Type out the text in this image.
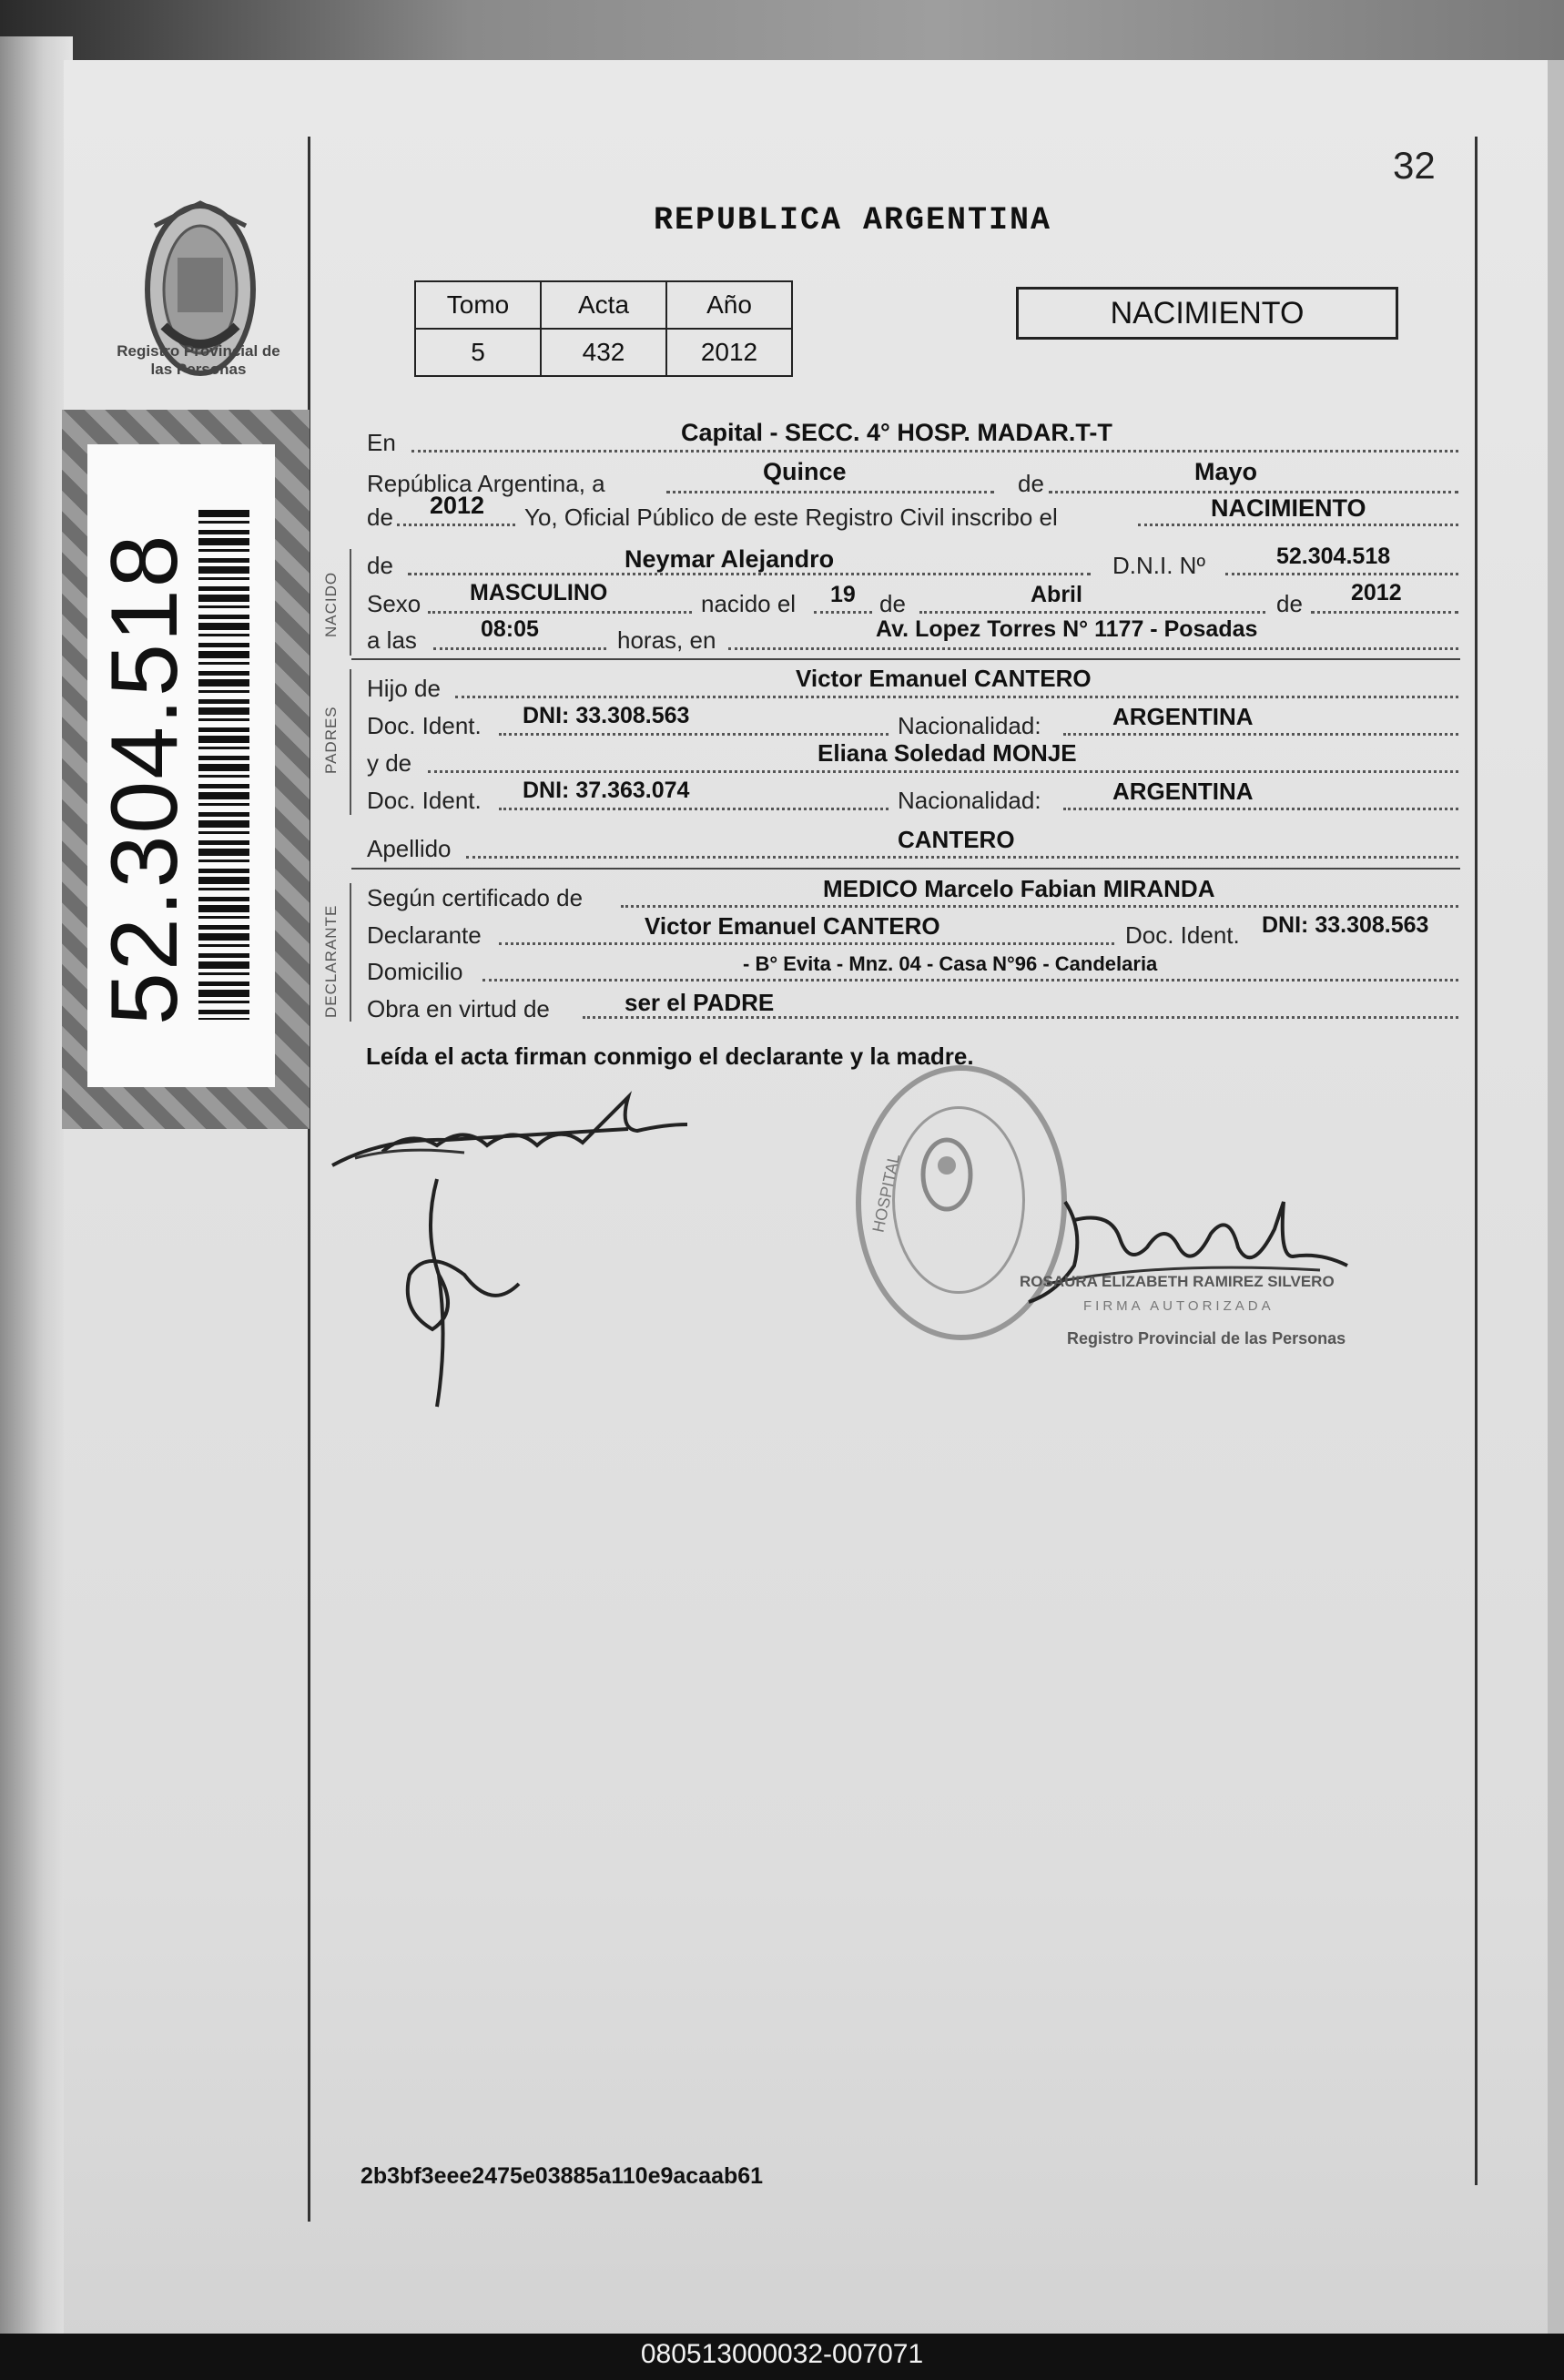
Registro Provincial de las Personas
52.304.518
32
REPUBLICA ARGENTINA
Tomo	Acta	Año
5	432	2012
NACIMIENTO
NACIDO
PADRES
DECLARANTE
En	Capital - SECC. 4° HOSP. MADAR.T-T
República Argentina, a	Quince	de	Mayo
de 2012 Yo, Oficial Público de este Registro Civil inscribo el	NACIMIENTO
de	Neymar Alejandro	D.N.I. Nº	52.304.518
Sexo MASCULINO	nacido el 19 de	Abril	de 2012
a las	08:05	horas, en	Av. Lopez Torres N° 1177 - Posadas
Hijo de	Victor Emanuel CANTERO
Doc. Ident. DNI: 33.308.563	Nacionalidad:	ARGENTINA
y de	Eliana Soledad MONJE
Doc. Ident. DNI: 37.363.074	Nacionalidad:	ARGENTINA
Apellido	CANTERO
Según certificado de	MEDICO Marcelo Fabian MIRANDA
Declarante	Victor Emanuel CANTERO	Doc. Ident. DNI: 33.308.563
Domicilio	- B° Evita - Mnz. 04 - Casa N°96 - Candelaria
Obra en virtud de	ser el PADRE
Leída el acta firman conmigo el declarante y la madre.
HOSPITAL
ROSAURA ELIZABETH RAMIREZ SILVERO
FIRMA AUTORIZADA
Registro Provincial de las Personas
2b3bf3eee2475e03885a110e9acaab61
080513000032-007071
